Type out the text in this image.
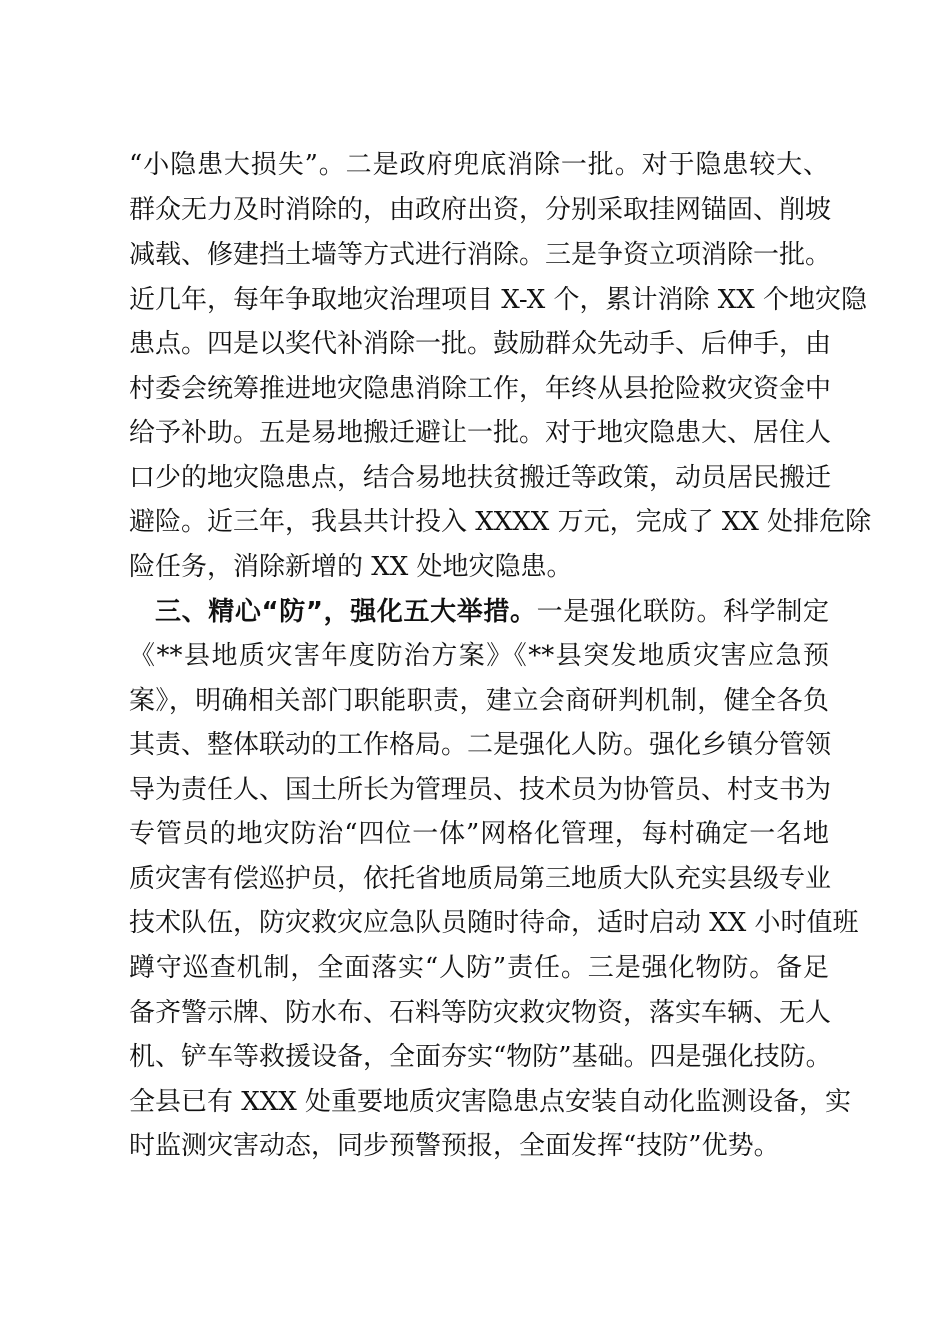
“小隐患大损失”。二是政府兜底消除一批。对于隐患较大、
群众无力及时消除的，由政府出资，分别采取挂网锚固、削坡
减载、修建挡土墙等方式进行消除。三是争资立项消除一批。
近几年，每年争取地灾治理项目 X-X 个，累计消除 XX 个地灾隐
患点。四是以奖代补消除一批。鼓励群众先动手、后伸手，由
村委会统筹推进地灾隐患消除工作，年终从县抢险救灾资金中
给予补助。五是易地搬迁避让一批。对于地灾隐患大、居住人
口少的地灾隐患点，结合易地扶贫搬迁等政策，动员居民搬迁
避险。近三年，我县共计投入 XXXX 万元，完成了 XX 处排危除
险任务，消除新增的 XX 处地灾隐患。
三、精心“防”，强化五大举措。一是强化联防。科学制定
《**县地质灾害年度防治方案》《**县突发地质灾害应急预
案》，明确相关部门职能职责，建立会商研判机制，健全各负
其责、整体联动的工作格局。二是强化人防。强化乡镇分管领
导为责任人、国土所长为管理员、技术员为协管员、村支书为
专管员的地灾防治“四位一体”网格化管理，每村确定一名地
质灾害有偿巡护员，依托省地质局第三地质大队充实县级专业
技术队伍，防灾救灾应急队员随时待命，适时启动 XX 小时值班
蹲守巡查机制，全面落实“人防”责任。三是强化物防。备足
备齐警示牌、防水布、石料等防灾救灾物资，落实车辆、无人
机、铲车等救援设备，全面夯实“物防”基础。四是强化技防。
全县已有 XXX 处重要地质灾害隐患点安装自动化监测设备，实
时监测灾害动态，同步预警预报，全面发挥“技防”优势。
